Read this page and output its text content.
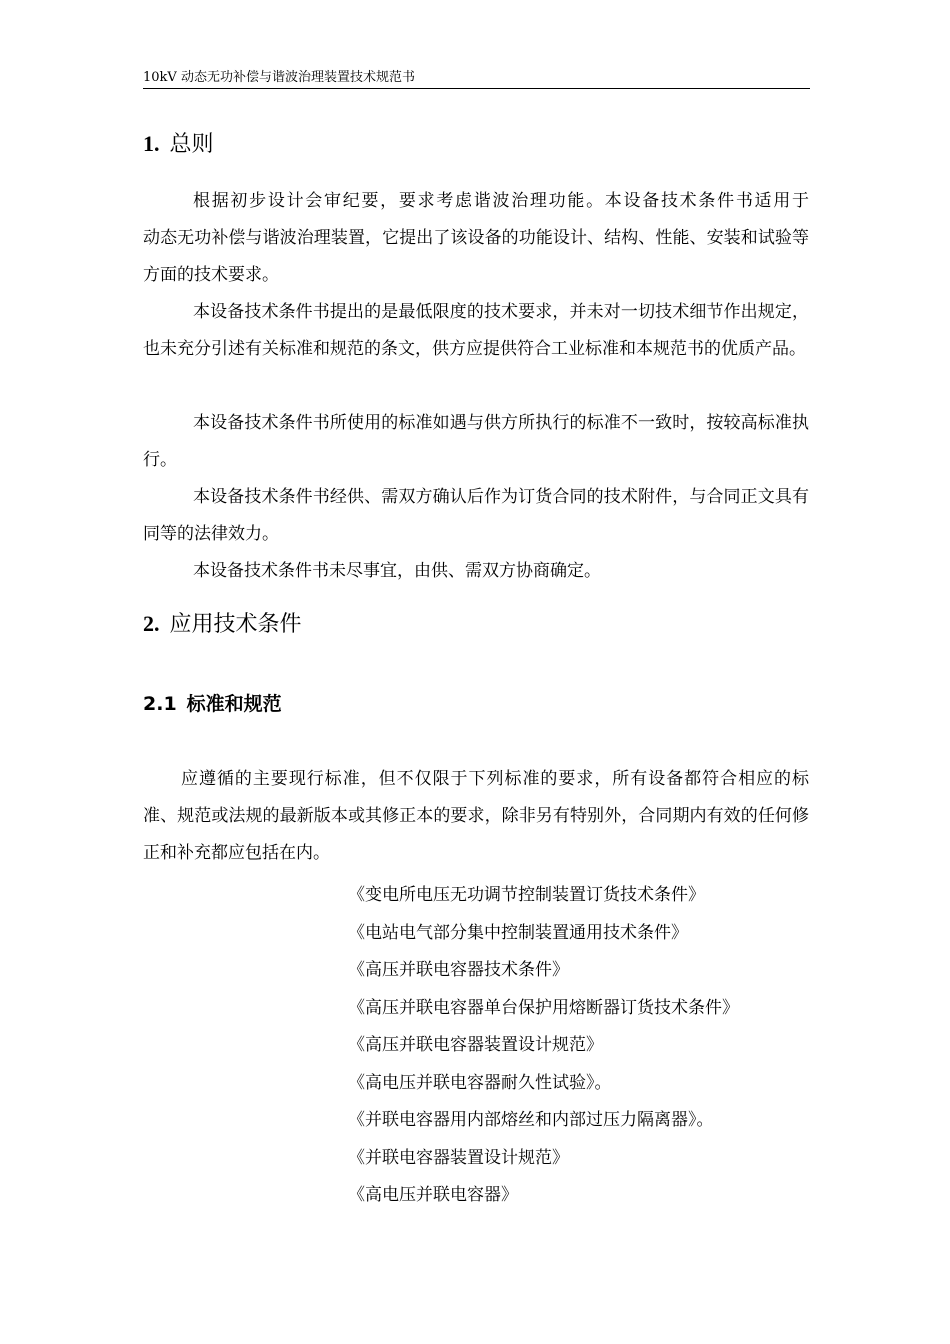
10kV 动态无功补偿与谐波治理装置技术规范书
1. 总则

根据初步设计会审纪要，要求考虑谐波治理功能。本设备技术条件书适用于　　　动态无功补偿与谐波治理装置，它提出了该设备的功能设计、结构、性能、安装和试验等方面的技术要求。

本设备技术条件书提出的是最低限度的技术要求，并未对一切技术细节作出规定，也未充分引述有关标准和规范的条文，供方应提供符合工业标准和本规范书的优质产品。

本设备技术条件书所使用的标准如遇与供方所执行的标准不一致时，按较高标准执行。

本设备技术条件书经供、需双方确认后作为订货合同的技术附件，与合同正文具有同等的法律效力。

本设备技术条件书未尽事宜，由供、需双方协商确定。

2. 应用技术条件
2.1 标准和规范

应遵循的主要现行标准，但不仅限于下列标准的要求，所有设备都符合相应的标准、规范或法规的最新版本或其修正本的要求，除非另有特别外，合同期内有效的任何修正和补充都应包括在内。

《变电所电压无功调节控制装置订货技术条件》
《电站电气部分集中控制装置通用技术条件》
《高压并联电容器技术条件》
《高压并联电容器单台保护用熔断器订货技术条件》
《高压并联电容器装置设计规范》
《高电压并联电容器耐久性试验》。
《并联电容器用内部熔丝和内部过压力隔离器》。
《并联电容器装置设计规范》
《高电压并联电容器》
